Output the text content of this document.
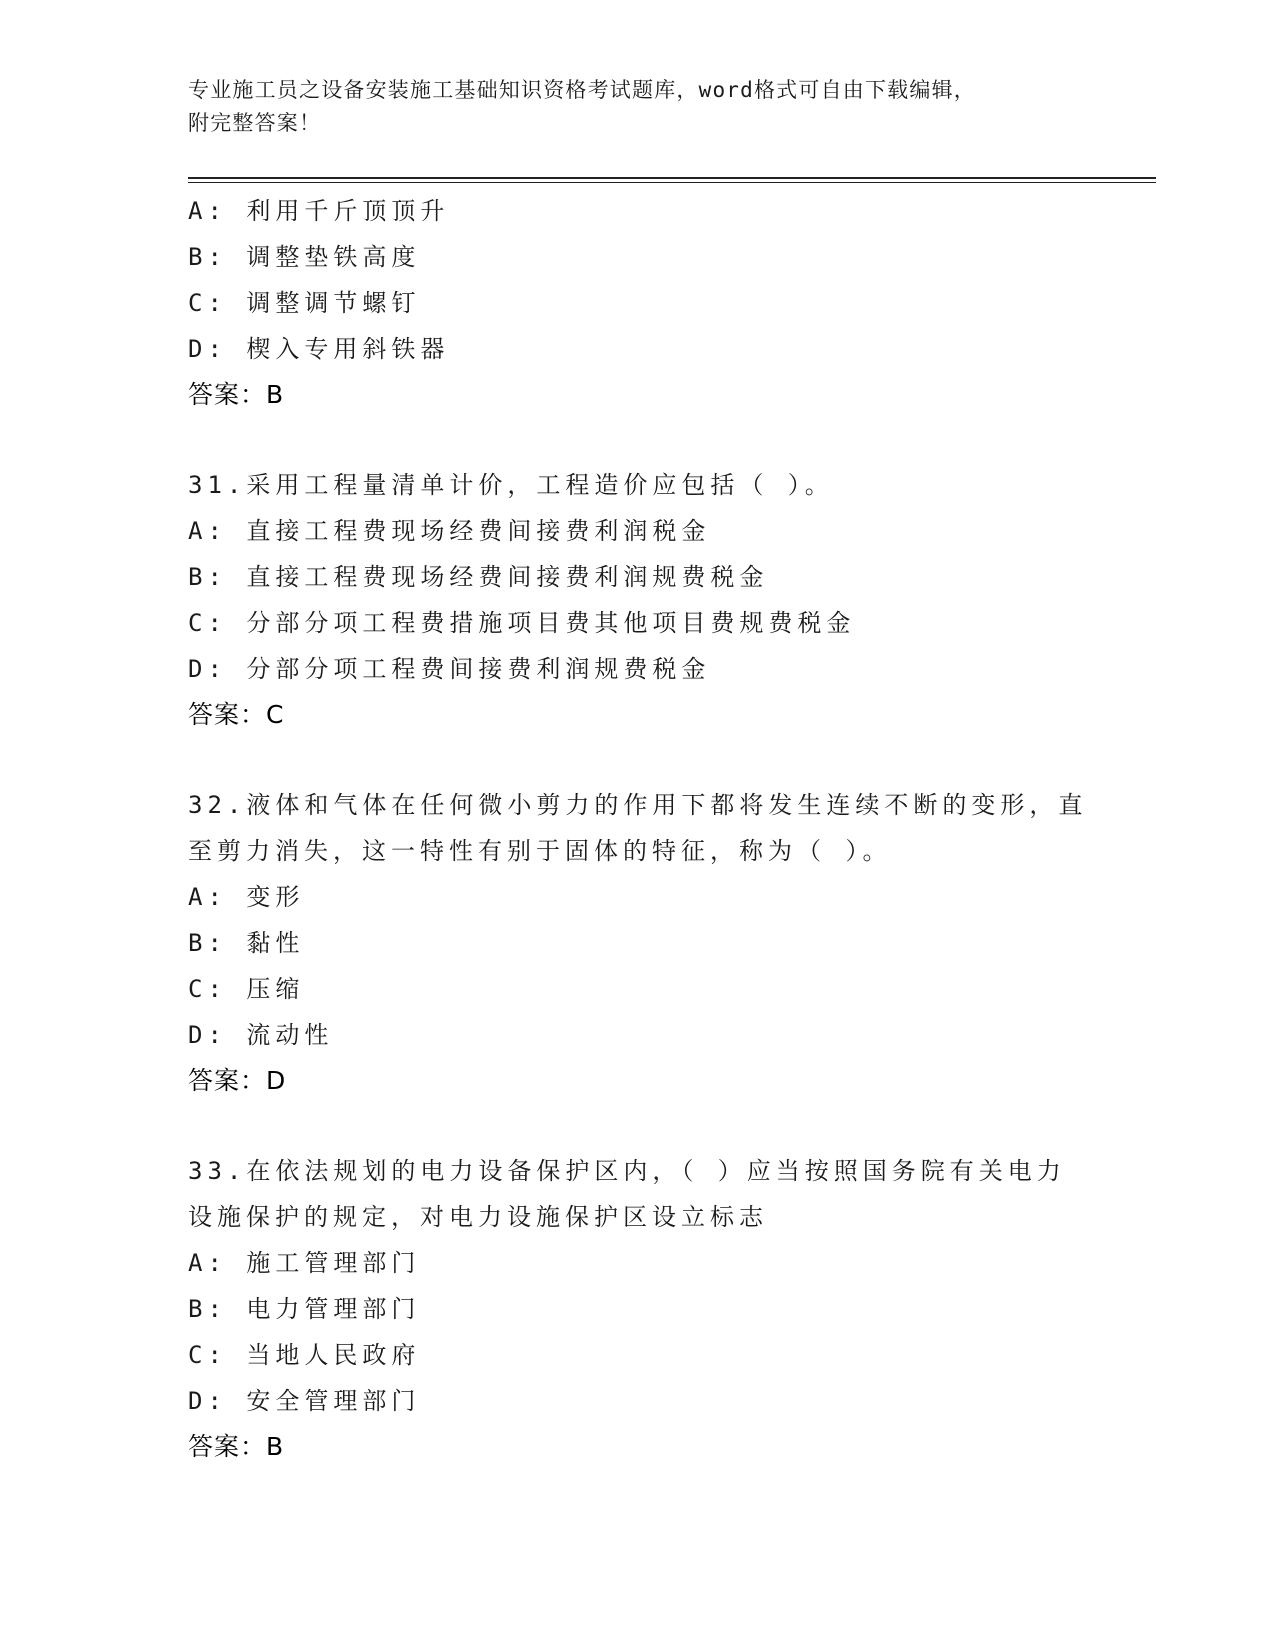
专业施工员之设备安装施工基础知识资格考试题库，word格式可自由下载编辑，
附完整答案！
A: 利用千斤顶顶升
B: 调整垫铁高度
C: 调整调节螺钉
D: 楔入专用斜铁器
答案：B
31.采用工程量清单计价，工程造价应包括（ ）。
A: 直接工程费现场经费间接费利润税金
B: 直接工程费现场经费间接费利润规费税金
C: 分部分项工程费措施项目费其他项目费规费税金
D: 分部分项工程费间接费利润规费税金
答案：C
32.液体和气体在任何微小剪力的作用下都将发生连续不断的变形，直
至剪力消失，这一特性有别于固体的特征，称为（ ）。
A: 变形
B: 黏性
C: 压缩
D: 流动性
答案：D
33.在依法规划的电力设备保护区内，（ ）应当按照国务院有关电力
设施保护的规定，对电力设施保护区设立标志
A: 施工管理部门
B: 电力管理部门
C: 当地人民政府
D: 安全管理部门
答案：B
